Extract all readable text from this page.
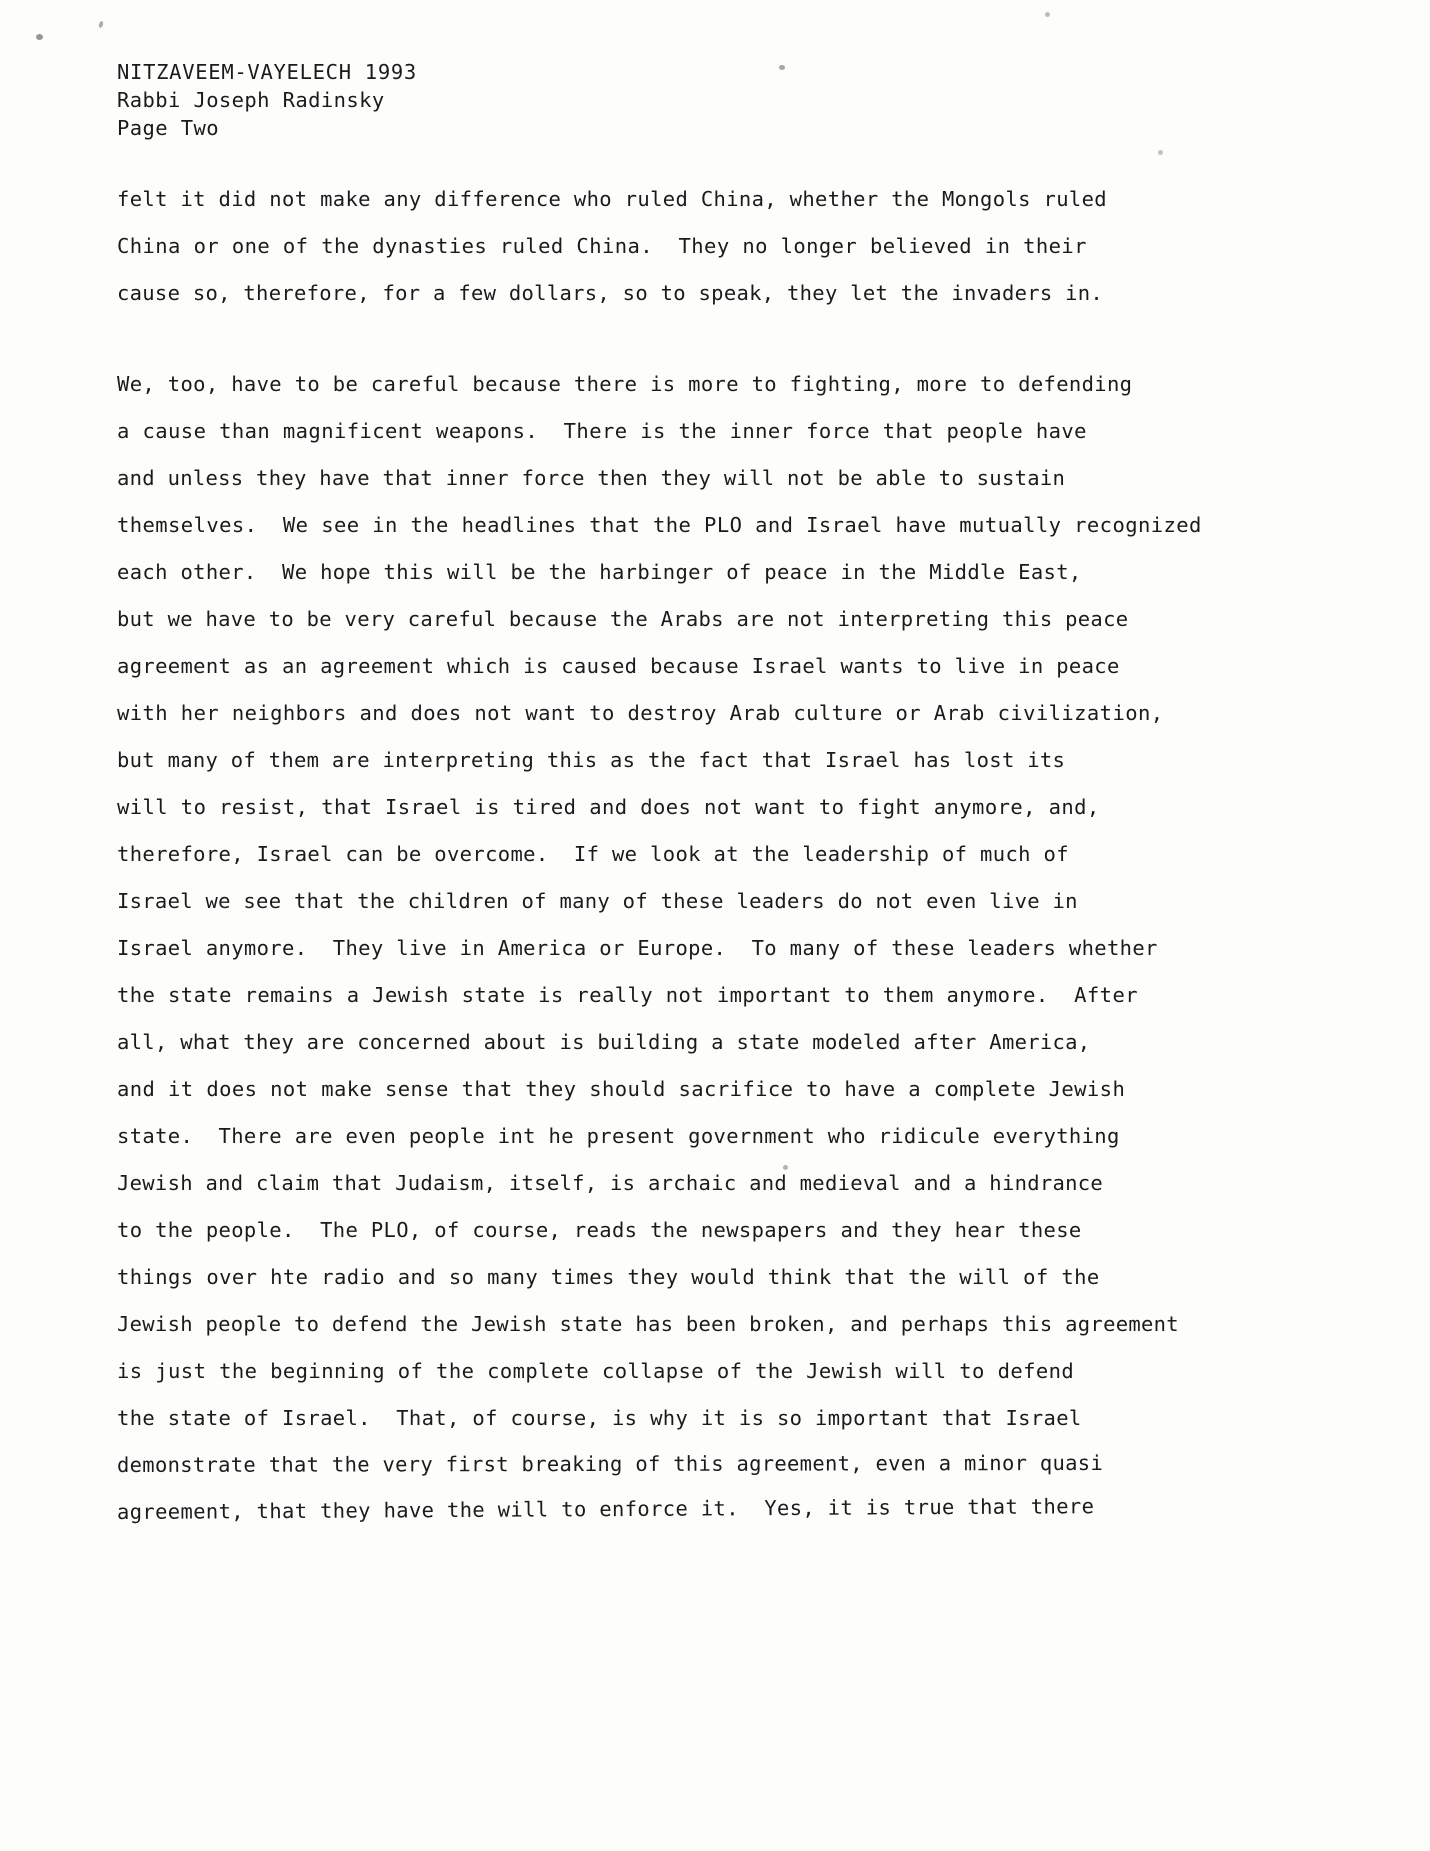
NITZAVEEM-VAYELECH 1993
Rabbi Joseph Radinsky
Page Two
felt it did not make any difference who ruled China, whether the Mongols ruled
China or one of the dynasties ruled China.  They no longer believed in their
cause so, therefore, for a few dollars, so to speak, they let the invaders in.
We, too, have to be careful because there is more to fighting, more to defending
a cause than magnificent weapons.  There is the inner force that people have
and unless they have that inner force then they will not be able to sustain
themselves.  We see in the headlines that the PLO and Israel have mutually recognized
each other.  We hope this will be the harbinger of peace in the Middle East,
but we have to be very careful because the Arabs are not interpreting this peace
agreement as an agreement which is caused because Israel wants to live in peace
with her neighbors and does not want to destroy Arab culture or Arab civilization,
but many of them are interpreting this as the fact that Israel has lost its
will to resist, that Israel is tired and does not want to fight anymore, and,
therefore, Israel can be overcome.  If we look at the leadership of much of
Israel we see that the children of many of these leaders do not even live in
Israel anymore.  They live in America or Europe.  To many of these leaders whether
the state remains a Jewish state is really not important to them anymore.  After
all, what they are concerned about is building a state modeled after America,
and it does not make sense that they should sacrifice to have a complete Jewish
state.  There are even people int he present government who ridicule everything
Jewish and claim that Judaism, itself, is archaic and medieval and a hindrance
to the people.  The PLO, of course, reads the newspapers and they hear these
things over hte radio and so many times they would think that the will of the
Jewish people to defend the Jewish state has been broken, and perhaps this agreement
is just the beginning of the complete collapse of the Jewish will to defend
the state of Israel.  That, of course, is why it is so important that Israel
demonstrate that the very first breaking of this agreement, even a minor quasi
agreement, that they have the will to enforce it.  Yes, it is true that there
